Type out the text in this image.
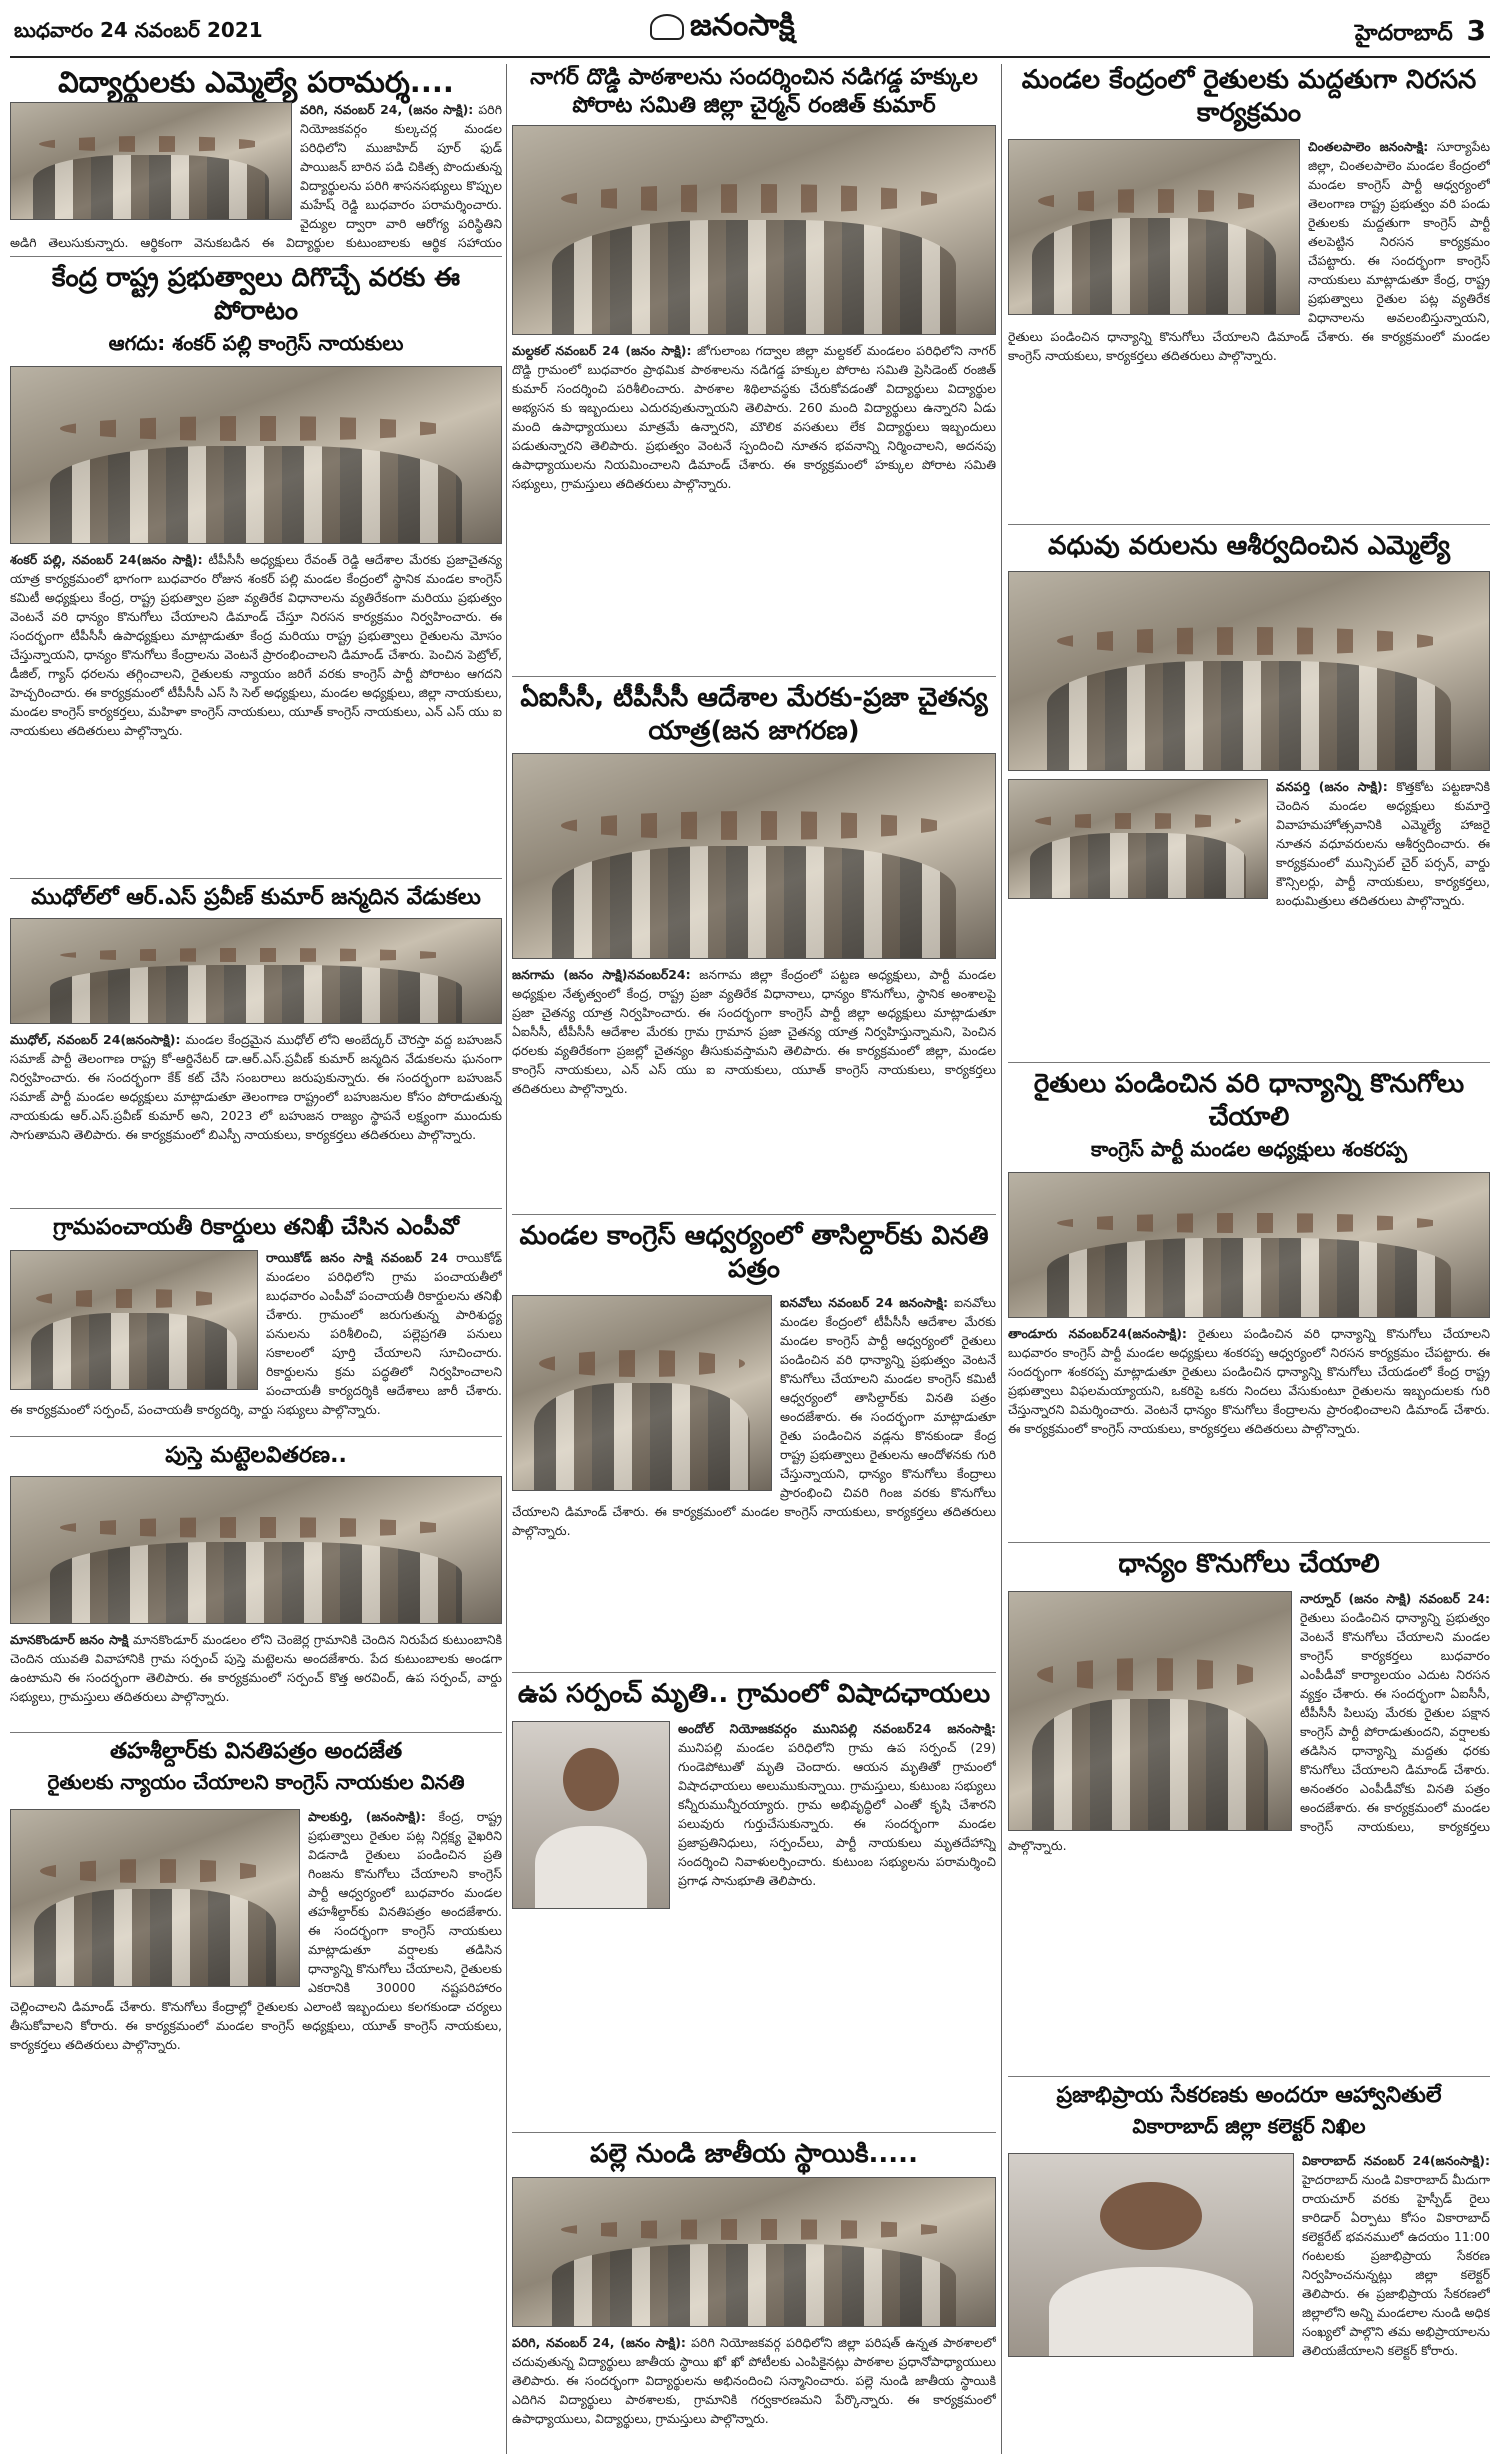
బుధవారం 24 నవంబర్ 2021	జనంసాక్షి	హైదరాబాద్ 3
విద్యార్థులకు ఎమ్మెల్యే పరామర్శ....
వరిగి, నవంబర్ 24, (జనం సాక్షి): పరిగి నియోజకవర్గం కుల్కచర్ల మండల పరిధిలోని ముజాహిద్ పూర్ ఫుడ్ పాయిజన్ బారిన పడి చికిత్స పొందుతున్న విద్యార్థులను పరిగి శాసనసభ్యులు కొప్పుల మహేష్ రెడ్డి బుధవారం పరామర్శించారు. వైద్యుల ద్వారా వారి ఆరోగ్య పరిస్థితిని అడిగి తెలుసుకున్నారు. ఆర్థికంగా వెనుకబడిన ఈ విద్యార్థుల కుటుంబాలకు ఆర్థిక సహాయం
కేంద్ర రాష్ట్ర ప్రభుత్వాలు దిగొచ్చే వరకు ఈ పోరాటం
ఆగదు: శంకర్ పల్లి కాంగ్రెస్ నాయకులు
శంకర్ పల్లి, నవంబర్ 24(జనం సాక్షి): టీపీసీసీ అధ్యక్షులు రేవంత్ రెడ్డి ఆదేశాల మేరకు ప్రజాచైతన్య యాత్ర కార్యక్రమంలో భాగంగా బుధవారం రోజున శంకర్ పల్లి మండల కేంద్రంలో స్థానిక మండల కాంగ్రెస్ కమిటీ అధ్యక్షులు కేంద్ర, రాష్ట్ర ప్రభుత్వాల ప్రజా వ్యతిరేక విధానాలను వ్యతిరేకంగా మరియు ప్రభుత్వం వెంటనే వరి ధాన్యం కొనుగోలు చేయాలని డిమాండ్ చేస్తూ నిరసన కార్యక్రమం నిర్వహించారు. ఈ సందర్భంగా టీపీసీసీ ఉపాధ్యక్షులు మాట్లాడుతూ కేంద్ర మరియు రాష్ట్ర ప్రభుత్వాలు రైతులను మోసం చేస్తున్నాయని, ధాన్యం కొనుగోలు కేంద్రాలను వెంటనే ప్రారంభించాలని డిమాండ్ చేశారు. పెంచిన పెట్రోల్, డీజిల్, గ్యాస్ ధరలను తగ్గించాలని, రైతులకు న్యాయం జరిగే వరకు కాంగ్రెస్ పార్టీ పోరాటం ఆగదని హెచ్చరించారు. ఈ కార్యక్రమంలో టీపీసీసీ ఎస్ సి సెల్ అధ్యక్షులు, మండల అధ్యక్షులు, జిల్లా నాయకులు, మండల కాంగ్రెస్ కార్యకర్తలు, మహిళా కాంగ్రెస్ నాయకులు, యూత్ కాంగ్రెస్ నాయకులు, ఎన్ ఎస్ యు ఐ నాయకులు తదితరులు పాల్గొన్నారు.
ముధోల్‌లో ఆర్.ఎస్ ప్రవీణ్ కుమార్ జన్మదిన వేడుకలు
ముధోల్, నవంబర్ 24(జనంసాక్షి): మండల కేంద్రమైన ముధోల్ లోని అంబేద్కర్ చౌరస్తా వద్ద బహుజన్ సమాజ్ పార్టీ తెలంగాణ రాష్ట్ర కో-ఆర్డినేటర్ డా.ఆర్.ఎస్.ప్రవీణ్ కుమార్ జన్మదిన వేడుకలను ఘనంగా నిర్వహించారు. ఈ సందర్భంగా కేక్ కట్ చేసి సంబరాలు జరుపుకున్నారు. ఈ సందర్భంగా బహుజన్ సమాజ్ పార్టీ మండల అధ్యక్షులు మాట్లాడుతూ తెలంగాణ రాష్ట్రంలో బహుజనుల కోసం పోరాడుతున్న నాయకుడు ఆర్.ఎస్.ప్రవీణ్ కుమార్ అని, 2023 లో బహుజన రాజ్యం స్థాపనే లక్ష్యంగా ముందుకు సాగుతామని తెలిపారు. ఈ కార్యక్రమంలో బిఎస్పీ నాయకులు, కార్యకర్తలు తదితరులు పాల్గొన్నారు.
గ్రామపంచాయతీ రికార్డులు తనిఖీ చేసిన ఎంపీవో
రాయికోడ్ జనం సాక్షి నవంబర్ 24 రాయికోడ్ మండలం పరిధిలోని గ్రామ పంచాయతీలో బుధవారం ఎంపీవో పంచాయతీ రికార్డులను తనిఖీ చేశారు. గ్రామంలో జరుగుతున్న పారిశుద్ధ్య పనులను పరిశీలించి, పల్లెప్రగతి పనులు సకాలంలో పూర్తి చేయాలని సూచించారు. రికార్డులను క్రమ పద్ధతిలో నిర్వహించాలని పంచాయతీ కార్యదర్శికి ఆదేశాలు జారీ చేశారు. ఈ కార్యక్రమంలో సర్పంచ్, పంచాయతీ కార్యదర్శి, వార్డు సభ్యులు పాల్గొన్నారు.
పుస్తె మట్టెలవితరణ..
మానకొండూర్ జనం సాక్షి మానకొండూర్ మండలం లోని చెంజెర్ల గ్రామానికి చెందిన నిరుపేద కుటుంబానికి చెందిన యువతి వివాహానికి గ్రామ సర్పంచ్ పుస్తె మట్టెలను అందజేశారు. పేద కుటుంబాలకు అండగా ఉంటామని ఈ సందర్భంగా తెలిపారు. ఈ కార్యక్రమంలో సర్పంచ్ కొత్త అరవింద్, ఉప సర్పంచ్, వార్డు సభ్యులు, గ్రామస్తులు తదితరులు పాల్గొన్నారు.
తహశీల్దార్‌కు వినతిపత్రం అందజేత
రైతులకు న్యాయం చేయాలని కాంగ్రెస్ నాయకుల వినతి
పాలకుర్తి, (జనంసాక్షి): కేంద్ర, రాష్ట్ర ప్రభుత్వాలు రైతుల పట్ల నిర్లక్ష్య వైఖరిని విడనాడి రైతులు పండించిన ప్రతి గింజను కొనుగోలు చేయాలని కాంగ్రెస్ పార్టీ ఆధ్వర్యంలో బుధవారం మండల తహశీల్దార్‌కు వినతిపత్రం అందజేశారు. ఈ సందర్భంగా కాంగ్రెస్ నాయకులు మాట్లాడుతూ వర్షాలకు తడిసిన ధాన్యాన్ని కొనుగోలు చేయాలని, రైతులకు ఎకరానికి 30000 నష్టపరిహారం చెల్లించాలని డిమాండ్ చేశారు. కొనుగోలు కేంద్రాల్లో రైతులకు ఎలాంటి ఇబ్బందులు కలగకుండా చర్యలు తీసుకోవాలని కోరారు. ఈ కార్యక్రమంలో మండల కాంగ్రెస్ అధ్యక్షులు, యూత్ కాంగ్రెస్ నాయకులు, కార్యకర్తలు తదితరులు పాల్గొన్నారు.
నాగర్ దొడ్డి పాఠశాలను సందర్శించిన నడిగడ్డ హక్కుల పోరాట సమితి జిల్లా చైర్మన్ రంజిత్ కుమార్
మల్దకల్ నవంబర్ 24 (జనం సాక్షి): జోగులాంబ గద్వాల జిల్లా మల్దకల్ మండలం పరిధిలోని నాగర్ దొడ్డి గ్రామంలో బుధవారం ప్రాథమిక పాఠశాలను నడిగడ్డ హక్కుల పోరాట సమితి ప్రెసిడెంట్ రంజిత్ కుమార్ సందర్శించి పరిశీలించారు. పాఠశాల శిథిలావస్థకు చేరుకోవడంతో విద్యార్థులు విద్యార్థుల అభ్యసన కు ఇబ్బందులు ఎదురవుతున్నాయని తెలిపారు. 260 మంది విద్యార్థులు ఉన్నారని ఏడు మంది ఉపాధ్యాయులు మాత్రమే ఉన్నారని, మౌలిక వసతులు లేక విద్యార్థులు ఇబ్బందులు పడుతున్నారని తెలిపారు. ప్రభుత్వం వెంటనే స్పందించి నూతన భవనాన్ని నిర్మించాలని, అదనపు ఉపాధ్యాయులను నియమించాలని డిమాండ్ చేశారు. ఈ కార్యక్రమంలో హక్కుల పోరాట సమితి సభ్యులు, గ్రామస్తులు తదితరులు పాల్గొన్నారు.
ఏఐసీసీ, టీపీసీసీ ఆదేశాల మేరకు-ప్రజా చైతన్య యాత్ర(జన జాగరణ)
జనగామ (జనం సాక్షి)నవంబర్24: జనగామ జిల్లా కేంద్రంలో పట్టణ అధ్యక్షులు, పార్టీ మండల అధ్యక్షుల నేతృత్వంలో కేంద్ర, రాష్ట్ర ప్రజా వ్యతిరేక విధానాలు, ధాన్యం కొనుగోలు, స్థానిక అంశాలపై ప్రజా చైతన్య యాత్ర నిర్వహించారు. ఈ సందర్భంగా కాంగ్రెస్ పార్టీ జిల్లా అధ్యక్షులు మాట్లాడుతూ ఏఐసీసీ, టీపీసీసీ ఆదేశాల మేరకు గ్రామ గ్రామాన ప్రజా చైతన్య యాత్ర నిర్వహిస్తున్నామని, పెంచిన ధరలకు వ్యతిరేకంగా ప్రజల్లో చైతన్యం తీసుకువస్తామని తెలిపారు. ఈ కార్యక్రమంలో జిల్లా, మండల కాంగ్రెస్ నాయకులు, ఎన్ ఎస్ యు ఐ నాయకులు, యూత్ కాంగ్రెస్ నాయకులు, కార్యకర్తలు తదితరులు పాల్గొన్నారు.
మండల కాంగ్రెస్ ఆధ్వర్యంలో తాసిల్దార్‌కు వినతి పత్రం
ఐనవోలు నవంబర్ 24 జనంసాక్షి: ఐనవోలు మండల కేంద్రంలో టీపీసీసీ ఆదేశాల మేరకు మండల కాంగ్రెస్ పార్టీ ఆధ్వర్యంలో రైతులు పండించిన వరి ధాన్యాన్ని ప్రభుత్వం వెంటనే కొనుగోలు చేయాలని మండల కాంగ్రెస్ కమిటీ ఆధ్వర్యంలో తాసిల్దార్‌కు వినతి పత్రం అందజేశారు. ఈ సందర్భంగా మాట్లాడుతూ రైతు పండించిన వడ్లను కొనకుండా కేంద్ర రాష్ట్ర ప్రభుత్వాలు రైతులను ఆందోళనకు గురి చేస్తున్నాయని, ధాన్యం కొనుగోలు కేంద్రాలు ప్రారంభించి చివరి గింజ వరకు కొనుగోలు చేయాలని డిమాండ్ చేశారు. ఈ కార్యక్రమంలో మండల కాంగ్రెస్ నాయకులు, కార్యకర్తలు తదితరులు పాల్గొన్నారు.
ఉప సర్పంచ్ మృతి.. గ్రామంలో విషాదఛాయలు
అందోల్ నియోజకవర్గం మునిపల్లి నవంబర్24 జనంసాక్షి: మునిపల్లి మండల పరిధిలోని గ్రామ ఉప సర్పంచ్ (29) గుండెపోటుతో మృతి చెందారు. ఆయన మృతితో గ్రామంలో విషాదఛాయలు అలుముకున్నాయి. గ్రామస్తులు, కుటుంబ సభ్యులు కన్నీరుమున్నీరయ్యారు. గ్రామ అభివృద్ధిలో ఎంతో కృషి చేశారని పలువురు గుర్తుచేసుకున్నారు. ఈ సందర్భంగా మండల ప్రజాప్రతినిధులు, సర్పంచ్‌లు, పార్టీ నాయకులు మృతదేహాన్ని సందర్శించి నివాళులర్పించారు. కుటుంబ సభ్యులను పరామర్శించి ప్రగాఢ సానుభూతి తెలిపారు.
పల్లె నుండి జాతీయ స్థాయికి.....
పరిగి, నవంబర్ 24, (జనం సాక్షి): పరిగి నియోజకవర్గ పరిధిలోని జిల్లా పరిషత్ ఉన్నత పాఠశాలలో చదువుతున్న విద్యార్థులు జాతీయ స్థాయి ఖో ఖో పోటీలకు ఎంపికైనట్లు పాఠశాల ప్రధానోపాధ్యాయులు తెలిపారు. ఈ సందర్భంగా విద్యార్థులను అభినందించి సన్మానించారు. పల్లె నుండి జాతీయ స్థాయికి ఎదిగిన విద్యార్థులు పాఠశాలకు, గ్రామానికి గర్వకారణమని పేర్కొన్నారు. ఈ కార్యక్రమంలో ఉపాధ్యాయులు, విద్యార్థులు, గ్రామస్తులు పాల్గొన్నారు.
మండల కేంద్రంలో రైతులకు మద్దతుగా నిరసన కార్యక్రమం
చింతలపాలెం జనంసాక్షి: సూర్యాపేట జిల్లా, చింతలపాలెం మండల కేంద్రంలో మండల కాంగ్రెస్ పార్టీ ఆధ్వర్యంలో తెలంగాణ రాష్ట్ర ప్రభుత్వం వరి పండు రైతులకు మద్దతుగా కాంగ్రెస్ పార్టీ తలపెట్టిన నిరసన కార్యక్రమం చేపట్టారు. ఈ సందర్భంగా కాంగ్రెస్ నాయకులు మాట్లాడుతూ కేంద్ర, రాష్ట్ర ప్రభుత్వాలు రైతుల పట్ల వ్యతిరేక విధానాలను అవలంబిస్తున్నాయని, రైతులు పండించిన ధాన్యాన్ని కొనుగోలు చేయాలని డిమాండ్ చేశారు. ఈ కార్యక్రమంలో మండల కాంగ్రెస్ నాయకులు, కార్యకర్తలు తదితరులు పాల్గొన్నారు.
వధువు వరులను ఆశీర్వదించిన ఎమ్మెల్యే
వనపర్తి (జనం సాక్షి): కొత్తకోట పట్టణానికి చెందిన మండల అధ్యక్షులు కుమార్తె వివాహమహోత్సవానికి ఎమ్మెల్యే హాజరై నూతన వధూవరులను ఆశీర్వదించారు. ఈ కార్యక్రమంలో మున్సిపల్ చైర్ పర్సన్, వార్డు కౌన్సిలర్లు, పార్టీ నాయకులు, కార్యకర్తలు, బంధుమిత్రులు తదితరులు పాల్గొన్నారు.
రైతులు పండించిన వరి ధాన్యాన్ని కొనుగోలు చేయాలి
కాంగ్రెస్ పార్టీ మండల అధ్యక్షులు శంకరప్ప
తాండూరు నవంబర్24(జనంసాక్షి): రైతులు పండించిన వరి ధాన్యాన్ని కొనుగోలు చేయాలని బుధవారం కాంగ్రెస్ పార్టీ మండల అధ్యక్షులు శంకరప్ప ఆధ్వర్యంలో నిరసన కార్యక్రమం చేపట్టారు. ఈ సందర్భంగా శంకరప్ప మాట్లాడుతూ రైతులు పండించిన ధాన్యాన్ని కొనుగోలు చేయడంలో కేంద్ర రాష్ట్ర ప్రభుత్వాలు విఫలమయ్యాయని, ఒకరిపై ఒకరు నిందలు వేసుకుంటూ రైతులను ఇబ్బందులకు గురి చేస్తున్నారని విమర్శించారు. వెంటనే ధాన్యం కొనుగోలు కేంద్రాలను ప్రారంభించాలని డిమాండ్ చేశారు. ఈ కార్యక్రమంలో కాంగ్రెస్ నాయకులు, కార్యకర్తలు తదితరులు పాల్గొన్నారు.
ధాన్యం కొనుగోలు చేయాలి
నార్నూర్ (జనం సాక్షి) నవంబర్ 24: రైతులు పండించిన ధాన్యాన్ని ప్రభుత్వం వెంటనే కొనుగోలు చేయాలని మండల కాంగ్రెస్ కార్యకర్తలు బుధవారం ఎంపీడీవో కార్యాలయం ఎదుట నిరసన వ్యక్తం చేశారు. ఈ సందర్భంగా ఏఐసీసీ, టీపీసీసీ పిలుపు మేరకు రైతుల పక్షాన కాంగ్రెస్ పార్టీ పోరాడుతుందని, వర్షాలకు తడిసిన ధాన్యాన్ని మద్దతు ధరకు కొనుగోలు చేయాలని డిమాండ్ చేశారు. అనంతరం ఎంపీడీవోకు వినతి పత్రం అందజేశారు. ఈ కార్యక్రమంలో మండల కాంగ్రెస్ నాయకులు, కార్యకర్తలు పాల్గొన్నారు.
ప్రజాభిప్రాయ సేకరణకు అందరూ ఆహ్వానితులే
వికారాబాద్ జిల్లా కలెక్టర్ నిఖిల
వికారాబాద్ నవంబర్ 24(జనంసాక్షి): హైదరాబాద్ నుండి వికారాబాద్ మీదుగా రాయచూర్ వరకు హైస్పీడ్ రైలు కారిడార్ ఏర్పాటు కోసం వికారాబాద్ కలెక్టరేట్ భవనములో ఉదయం 11:00 గంటలకు ప్రజాభిప్రాయ సేకరణ నిర్వహించనున్నట్లు జిల్లా కలెక్టర్ తెలిపారు. ఈ ప్రజాభిప్రాయ సేకరణలో జిల్లాలోని అన్ని మండలాల నుండి అధిక సంఖ్యలో పాల్గొని తమ అభిప్రాయాలను తెలియజేయాలని కలెక్టర్ కోరారు.
